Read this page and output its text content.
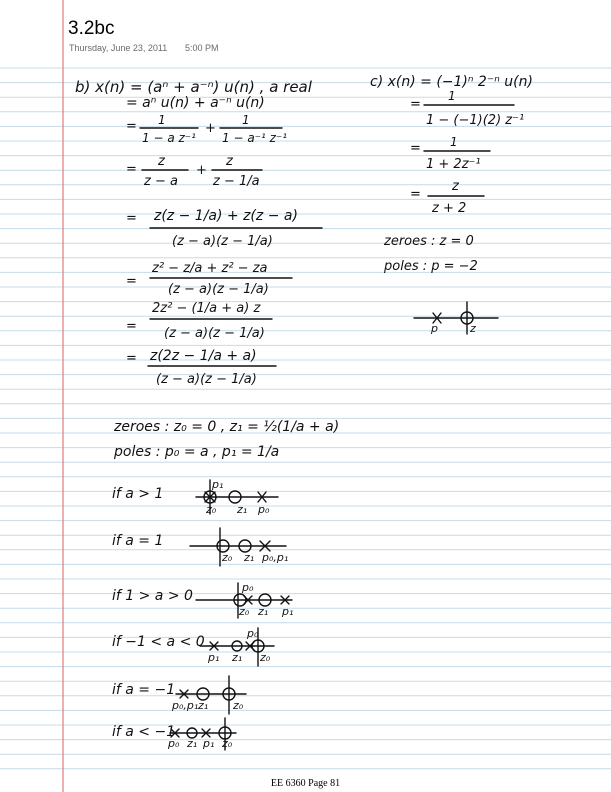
3.2bc
Thursday, June 23, 2011 5:00 PM
b) x(n) = (aⁿ + a⁻ⁿ) u(n) , a real
= aⁿ u(n) + a⁻ⁿ u(n)
= 1
1 − a z⁻¹
+
1
1 − a⁻¹ z⁻¹
=
z
z − a
+
z
z − 1/a
= z(z − 1/a) + z(z − a)
(z − a)(z − 1/a)
=
z² − z/a + z² − za
(z − a)(z − 1/a)
=
2z² − (1/a + a) z
(z − a)(z − 1/a)
= z(2z − 1/a + a)
(z − a)(z − 1/a)
zeroes : z₀ = 0 , z₁ = ½(1/a + a)
poles : p₀ = a , p₁ = 1/a
if a > 1
if a = 1
if 1 > a > 0
if −1 < a < 0
if a = −1
if a < −1
p₁
z₀ z₁ p₀
z₀ z₁ p₀,p₁
p₀
z₀ z₁ p₁
p₀
p₁ z₁ z₀
p₀,p₁ z₁ z₀
p₀ z₁ p₁ z₀
c) x(n) = (−1)ⁿ 2⁻ⁿ u(n)
=
1
1 − (−1)(2) z⁻¹
= 1
1 + 2z⁻¹
=
z
z + 2
zeroes : z = 0
poles : p = −2
p	z
EE 6360 Page 81
